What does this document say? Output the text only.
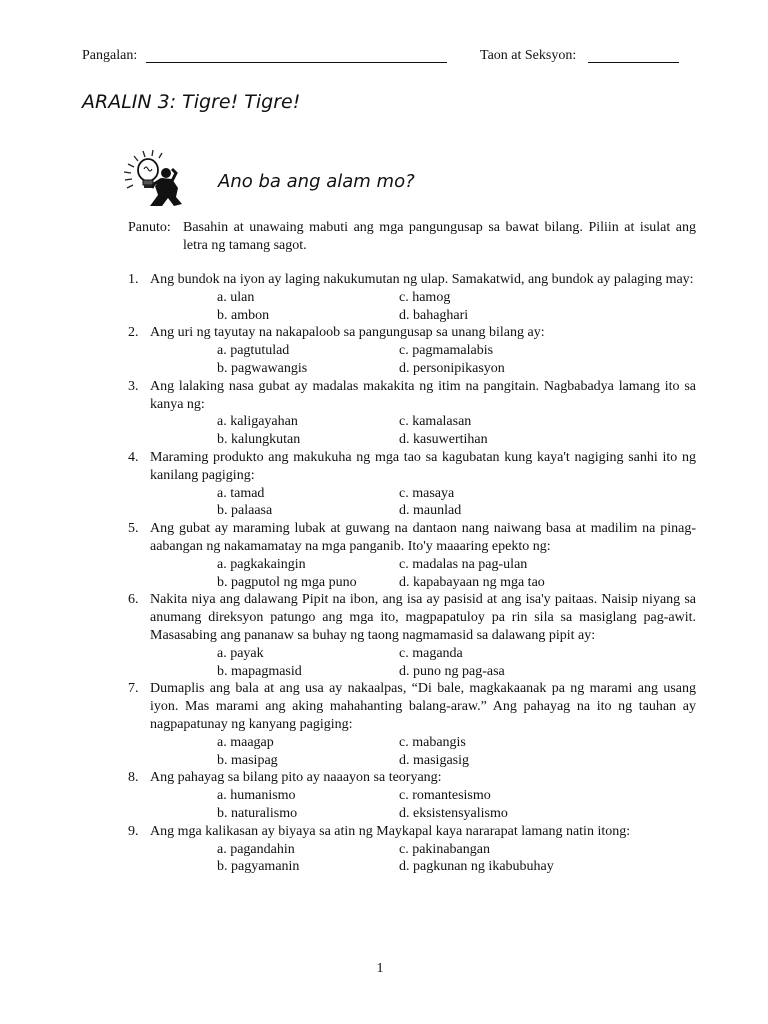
Pangalan:	Taon at Seksyon:
ARALIN 3: Tigre! Tigre!
Ano ba ang alam mo?
Panuto: Basahin at unawaing mabuti ang mga pangungusap sa bawat bilang. Piliin at isulat ang letra ng tamang sagot.
1. Ang bundok na iyon ay laging nakukumutan ng ulap. Samakatwid, ang bundok ay palaging may:
a. ulan	c. hamog
b. ambon	d. bahaghari
2. Ang uri ng tayutay na nakapaloob sa pangungusap sa unang bilang ay:
a. pagtutulad	c. pagmamalabis
b. pagwawangis	d. personipikasyon
3. Ang lalaking nasa gubat ay madalas makakita ng itim na pangitain. Nagbabadya lamang ito sa kanya ng:
a. kaligayahan	c. kamalasan
b. kalungkutan	d. kasuwertihan
4. Maraming produkto ang makukuha ng mga tao sa kagubatan kung kaya't nagiging sanhi ito ng kanilang pagiging:
a. tamad	c. masaya
b. palaasa	d. maunlad
5. Ang gubat ay maraming lubak at guwang na dantaon nang naiwang basa at madilim na pinag-aabangan ng nakamamatay na mga panganib. Ito'y maaaring epekto ng:
a. pagkakaingin	c. madalas na pag-ulan
b. pagputol ng mga puno	d. kapabayaan ng mga tao
6. Nakita niya ang dalawang Pipit na ibon, ang isa ay pasisid at ang isa'y paitaas. Naisip niyang sa anumang direksyon patungo ang mga ito, magpapatuloy pa rin sila sa masiglang pag-awit. Masasabing ang pananaw sa buhay ng taong nagmamasid sa dalawang pipit ay:
a. payak	c. maganda
b. mapagmasid	d. puno ng pag-asa
7. Dumaplis ang bala at ang usa ay nakaalpas, “Di bale, magkakaanak pa ng marami ang usang iyon. Mas marami ang aking mahahanting balang-araw.” Ang pahayag na ito ng tauhan ay nagpapatunay ng kanyang pagiging:
a. maagap	c. mabangis
b. masipag	d. masigasig
8. Ang pahayag sa bilang pito ay naaayon sa teoryang:
a. humanismo	c. romantesismo
b. naturalismo	d. eksistensyalismo
9. Ang mga kalikasan ay biyaya sa atin ng Maykapal kaya nararapat lamang natin itong:
a. pagandahin	c. pakinabangan
b. pagyamanin	d. pagkunan ng ikabubuhay
1
